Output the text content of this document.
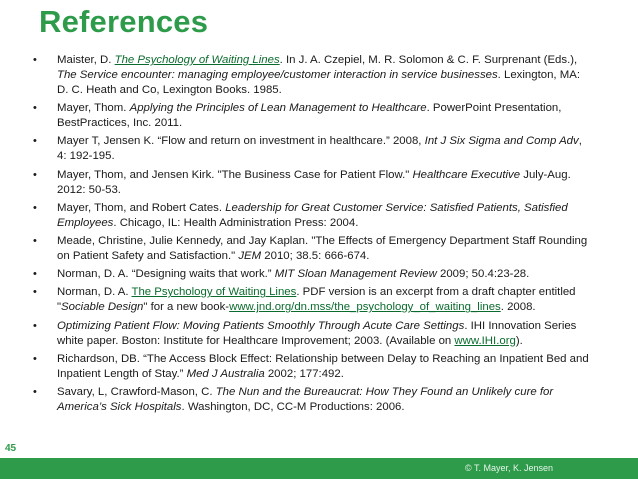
References
• Maister, D. The Psychology of Waiting Lines. In J. A. Czepiel, M. R. Solomon & C. F. Surprenant (Eds.), The Service encounter: managing employee/customer interaction in service businesses. Lexington, MA: D. C. Heath and Co, Lexington Books. 1985.
• Mayer, Thom. Applying the Principles of Lean Management to Healthcare. PowerPoint Presentation, BestPractices, Inc. 2011.
• Mayer T, Jensen K. “Flow and return on investment in healthcare.” 2008, Int J Six Sigma and Comp Adv, 4: 192-195.
• Mayer, Thom, and Jensen Kirk. "The Business Case for Patient Flow." Healthcare Executive July-Aug. 2012: 50-53.
• Mayer, Thom, and Robert Cates. Leadership for Great Customer Service: Satisfied Patients, Satisfied Employees. Chicago, IL: Health Administration Press: 2004.
• Meade, Christine, Julie Kennedy, and Jay Kaplan. "The Effects of Emergency Department Staff Rounding on Patient Safety and Satisfaction." JEM 2010; 38.5: 666-674.
• Norman, D. A. “Designing waits that work.” MIT Sloan Management Review 2009; 50.4:23-28.
• Norman, D. A. The Psychology of Waiting Lines. PDF version is an excerpt from a draft chapter entitled "Sociable Design" for a new book-www.jnd.org/dn.mss/the_psychology_of_waiting_lines. 2008.
• Optimizing Patient Flow: Moving Patients Smoothly Through Acute Care Settings. IHI Innovation Series white paper. Boston: Institute for Healthcare Improvement; 2003. (Available on www.IHI.org).
• Richardson, DB. “The Access Block Effect: Relationship between Delay to Reaching an Inpatient Bed and Inpatient Length of Stay.” Med J Australia 2002; 177:492.
• Savary, L, Crawford-Mason, C. The Nun and the Bureaucrat: How They Found an Unlikely cure for America’s Sick Hospitals. Washington, DC, CC-M Productions: 2006.
45
© T. Mayer, K. Jensen
